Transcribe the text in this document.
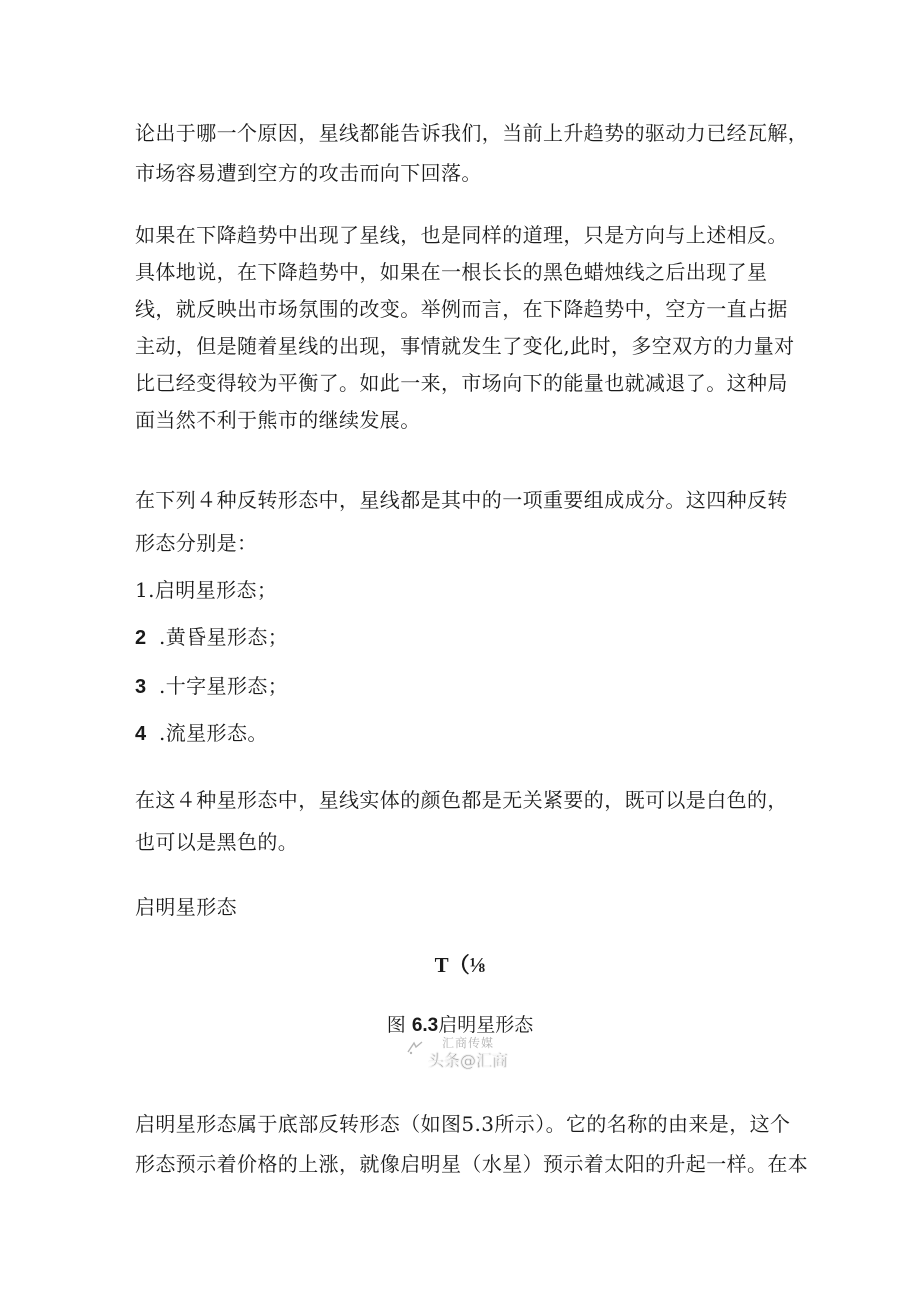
论出于哪一个原因，星线都能告诉我们，当前上升趋势的驱动力已经瓦解，
市场容易遭到空方的攻击而向下回落。

如果在下降趋势中出现了星线，也是同样的道理，只是方向与上述相反。
具体地说，在下降趋势中，如果在一根长长的黑色蜡烛线之后出现了星
线，就反映出市场氛围的改变。举例而言，在下降趋势中，空方一直占据
主动，但是随着星线的出现，事情就发生了变化,此时，多空双方的力量对
比已经变得较为平衡了。如此一来，市场向下的能量也就减退了。这种局
面当然不利于熊市的继续发展。

在下列４种反转形态中，星线都是其中的一项重要组成成分。这四种反转
形态分别是：

1.启明星形态；

2 .黄昏星形态；

3 .十字星形态；

4 .流星形态。

在这４种星形态中，星线实体的颜色都是无关紧要的，既可以是白色的，
也可以是黑色的。

启明星形态

T（⅛
图 6.3启明星形态
汇商传媒
头条@汇商

启明星形态属于底部反转形态（如图5.3所示）。它的名称的由来是，这个
形态预示着价格的上涨，就像启明星（水星）预示着太阳的升起一样。在本
